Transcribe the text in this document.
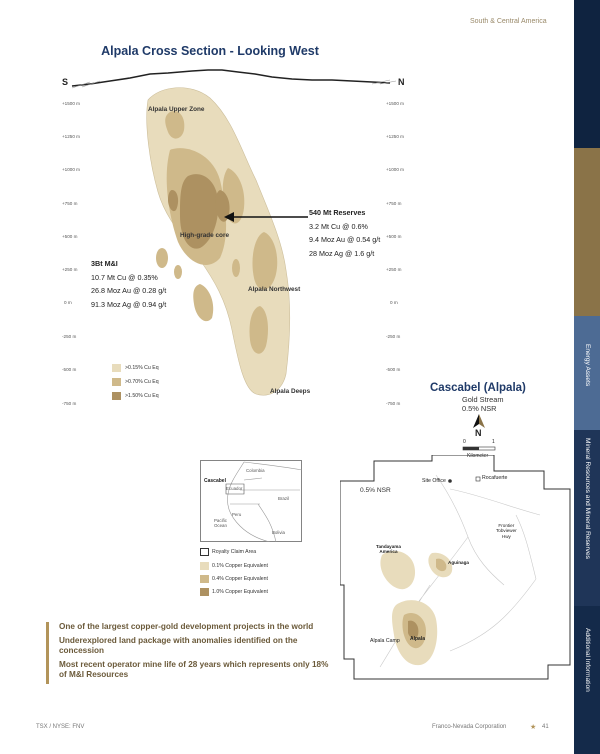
South & Central America
Energy Assets
Mineral Resources and Mineral Reserves
Additional Information
Alpala Cross Section - Looking West
S	N
+1500 m
+1250 m
+1000 m
+750 m
+500 m
+250 m
0 m
-250 m
-500 m
-750 m
+1500 m
+1250 m
+1000 m
+750 m
+500 m
+250 m
0 m
-250 m
-500 m
-750 m
Alpala Upper Zone
High-grade core
Alpala Northwest
Alpala Deeps
540 Mt Reserves
3.2 Mt Cu @ 0.6%
9.4 Moz Au @ 0.54 g/t
28 Moz Ag @ 1.6 g/t
3Bt M&I
10.7 Mt Cu @ 0.35%
26.8 Moz Au @ 0.28 g/t
91.3 Moz Ag @ 0.94 g/t
>0.15% Cu Eq
>0.70% Cu Eq
>1.50% Cu Eq
Cascabel (Alpala)
Gold Stream
0.5% NSR
N
0	1
Kilometer
0.5% NSR
Site Office	Rocafuerte
Frontier
Tobviewer
Hwy
Tandayama
America
Aguinaga
Alpala Camp Alpala
Colombia
Cascabel
Ecuador
Brazil
Peru
Pacific
Ocean
Bolivia
Royalty Claim Area
0.1% Copper Equivalent
0.4% Copper Equivalent
1.0% Copper Equivalent
One of the largest copper-gold development projects in the world
Underexplored land package with anomalies identified on the concession
Most recent operator mine life of 28 years which represents only 18% of M&I Resources
TSX / NYSE: FNV	Franco-Nevada Corporation	★ 41
